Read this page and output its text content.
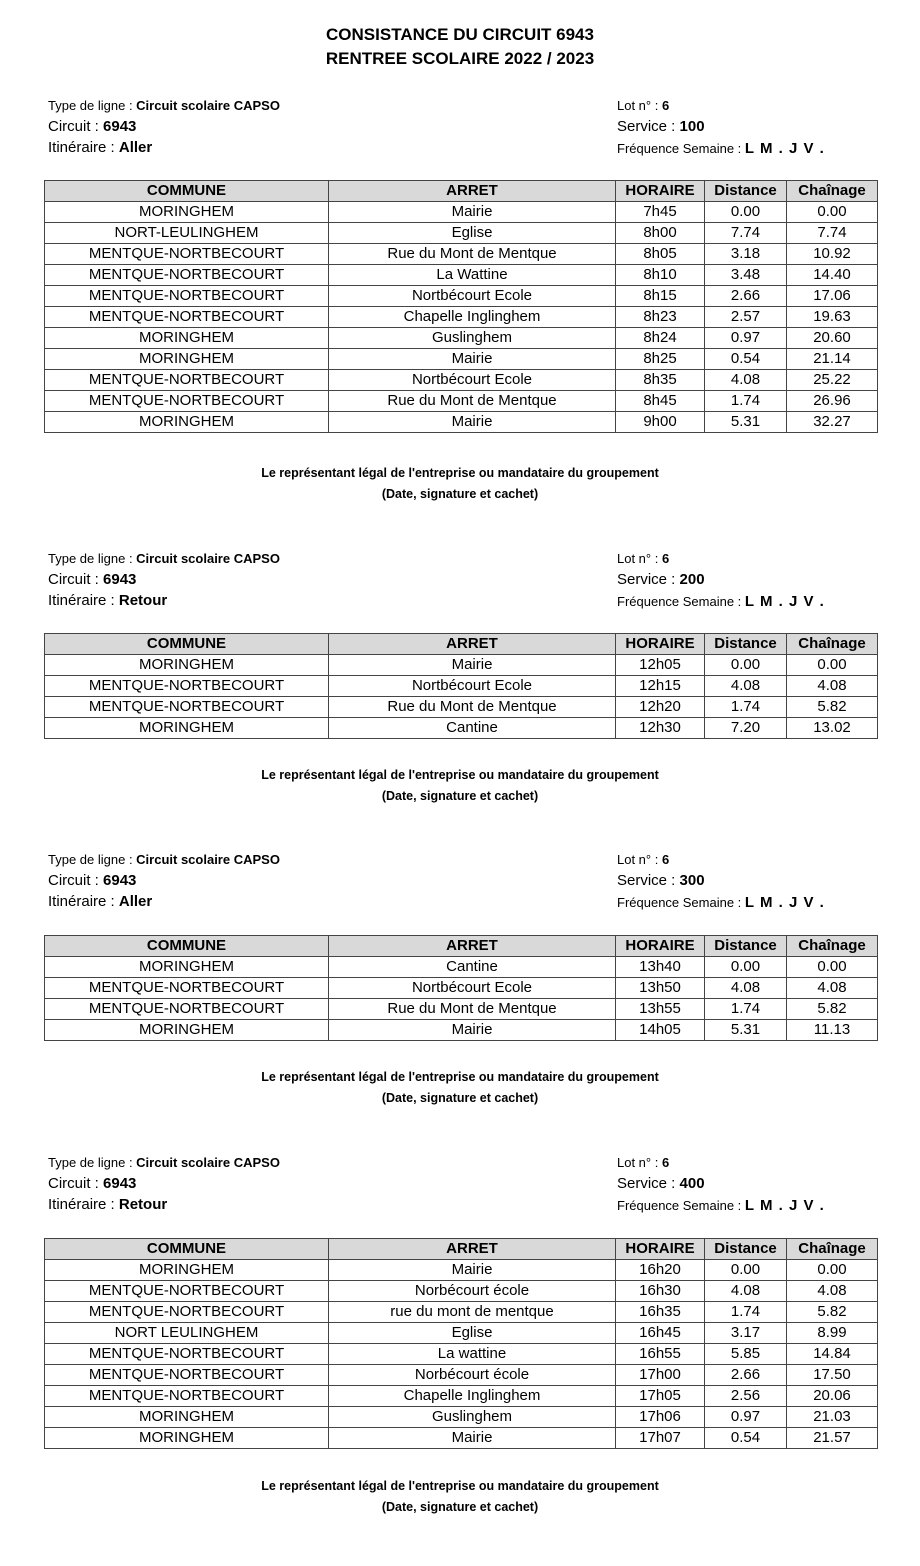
CONSISTANCE DU CIRCUIT 6943
RENTREE SCOLAIRE 2022 / 2023
Type de ligne : Circuit scolaire CAPSO
Circuit : 6943
Itinéraire : Aller
Lot n° : 6
Service : 100
Fréquence Semaine : L M . J V .
COMMUNE	ARRET	HORAIRE	Distance	Chaînage
MORINGHEM	Mairie	7h45	0.00	0.00
NORT-LEULINGHEM	Eglise	8h00	7.74	7.74
MENTQUE-NORTBECOURT	Rue du Mont de Mentque	8h05	3.18	10.92
MENTQUE-NORTBECOURT	La Wattine	8h10	3.48	14.40
MENTQUE-NORTBECOURT	Nortbécourt Ecole	8h15	2.66	17.06
MENTQUE-NORTBECOURT	Chapelle Inglinghem	8h23	2.57	19.63
MORINGHEM	Guslinghem	8h24	0.97	20.60
MORINGHEM	Mairie	8h25	0.54	21.14
MENTQUE-NORTBECOURT	Nortbécourt Ecole	8h35	4.08	25.22
MENTQUE-NORTBECOURT	Rue du Mont de Mentque	8h45	1.74	26.96
MORINGHEM	Mairie	9h00	5.31	32.27
Le représentant légal de l'entreprise ou mandataire du groupement
(Date, signature et cachet)
Type de ligne : Circuit scolaire CAPSO
Circuit : 6943
Itinéraire : Retour
Lot n° : 6
Service : 200
Fréquence Semaine : L M . J V .
COMMUNE	ARRET	HORAIRE	Distance	Chaînage
MORINGHEM	Mairie	12h05	0.00	0.00
MENTQUE-NORTBECOURT	Nortbécourt Ecole	12h15	4.08	4.08
MENTQUE-NORTBECOURT	Rue du Mont de Mentque	12h20	1.74	5.82
MORINGHEM	Cantine	12h30	7.20	13.02
Le représentant légal de l'entreprise ou mandataire du groupement
(Date, signature et cachet)
Type de ligne : Circuit scolaire CAPSO
Circuit : 6943
Itinéraire : Aller
Lot n° : 6
Service : 300
Fréquence Semaine : L M . J V .
COMMUNE	ARRET	HORAIRE	Distance	Chaînage
MORINGHEM	Cantine	13h40	0.00	0.00
MENTQUE-NORTBECOURT	Nortbécourt Ecole	13h50	4.08	4.08
MENTQUE-NORTBECOURT	Rue du Mont de Mentque	13h55	1.74	5.82
MORINGHEM	Mairie	14h05	5.31	11.13
Le représentant légal de l'entreprise ou mandataire du groupement
(Date, signature et cachet)
Type de ligne : Circuit scolaire CAPSO
Circuit : 6943
Itinéraire : Retour
Lot n° : 6
Service : 400
Fréquence Semaine : L M . J V .
COMMUNE	ARRET	HORAIRE	Distance	Chaînage
MORINGHEM	Mairie	16h20	0.00	0.00
MENTQUE-NORTBECOURT	Norbécourt école	16h30	4.08	4.08
MENTQUE-NORTBECOURT	rue du mont de mentque	16h35	1.74	5.82
NORT LEULINGHEM	Eglise	16h45	3.17	8.99
MENTQUE-NORTBECOURT	La wattine	16h55	5.85	14.84
MENTQUE-NORTBECOURT	Norbécourt école	17h00	2.66	17.50
MENTQUE-NORTBECOURT	Chapelle Inglinghem	17h05	2.56	20.06
MORINGHEM	Guslinghem	17h06	0.97	21.03
MORINGHEM	Mairie	17h07	0.54	21.57
Le représentant légal de l'entreprise ou mandataire du groupement
(Date, signature et cachet)
